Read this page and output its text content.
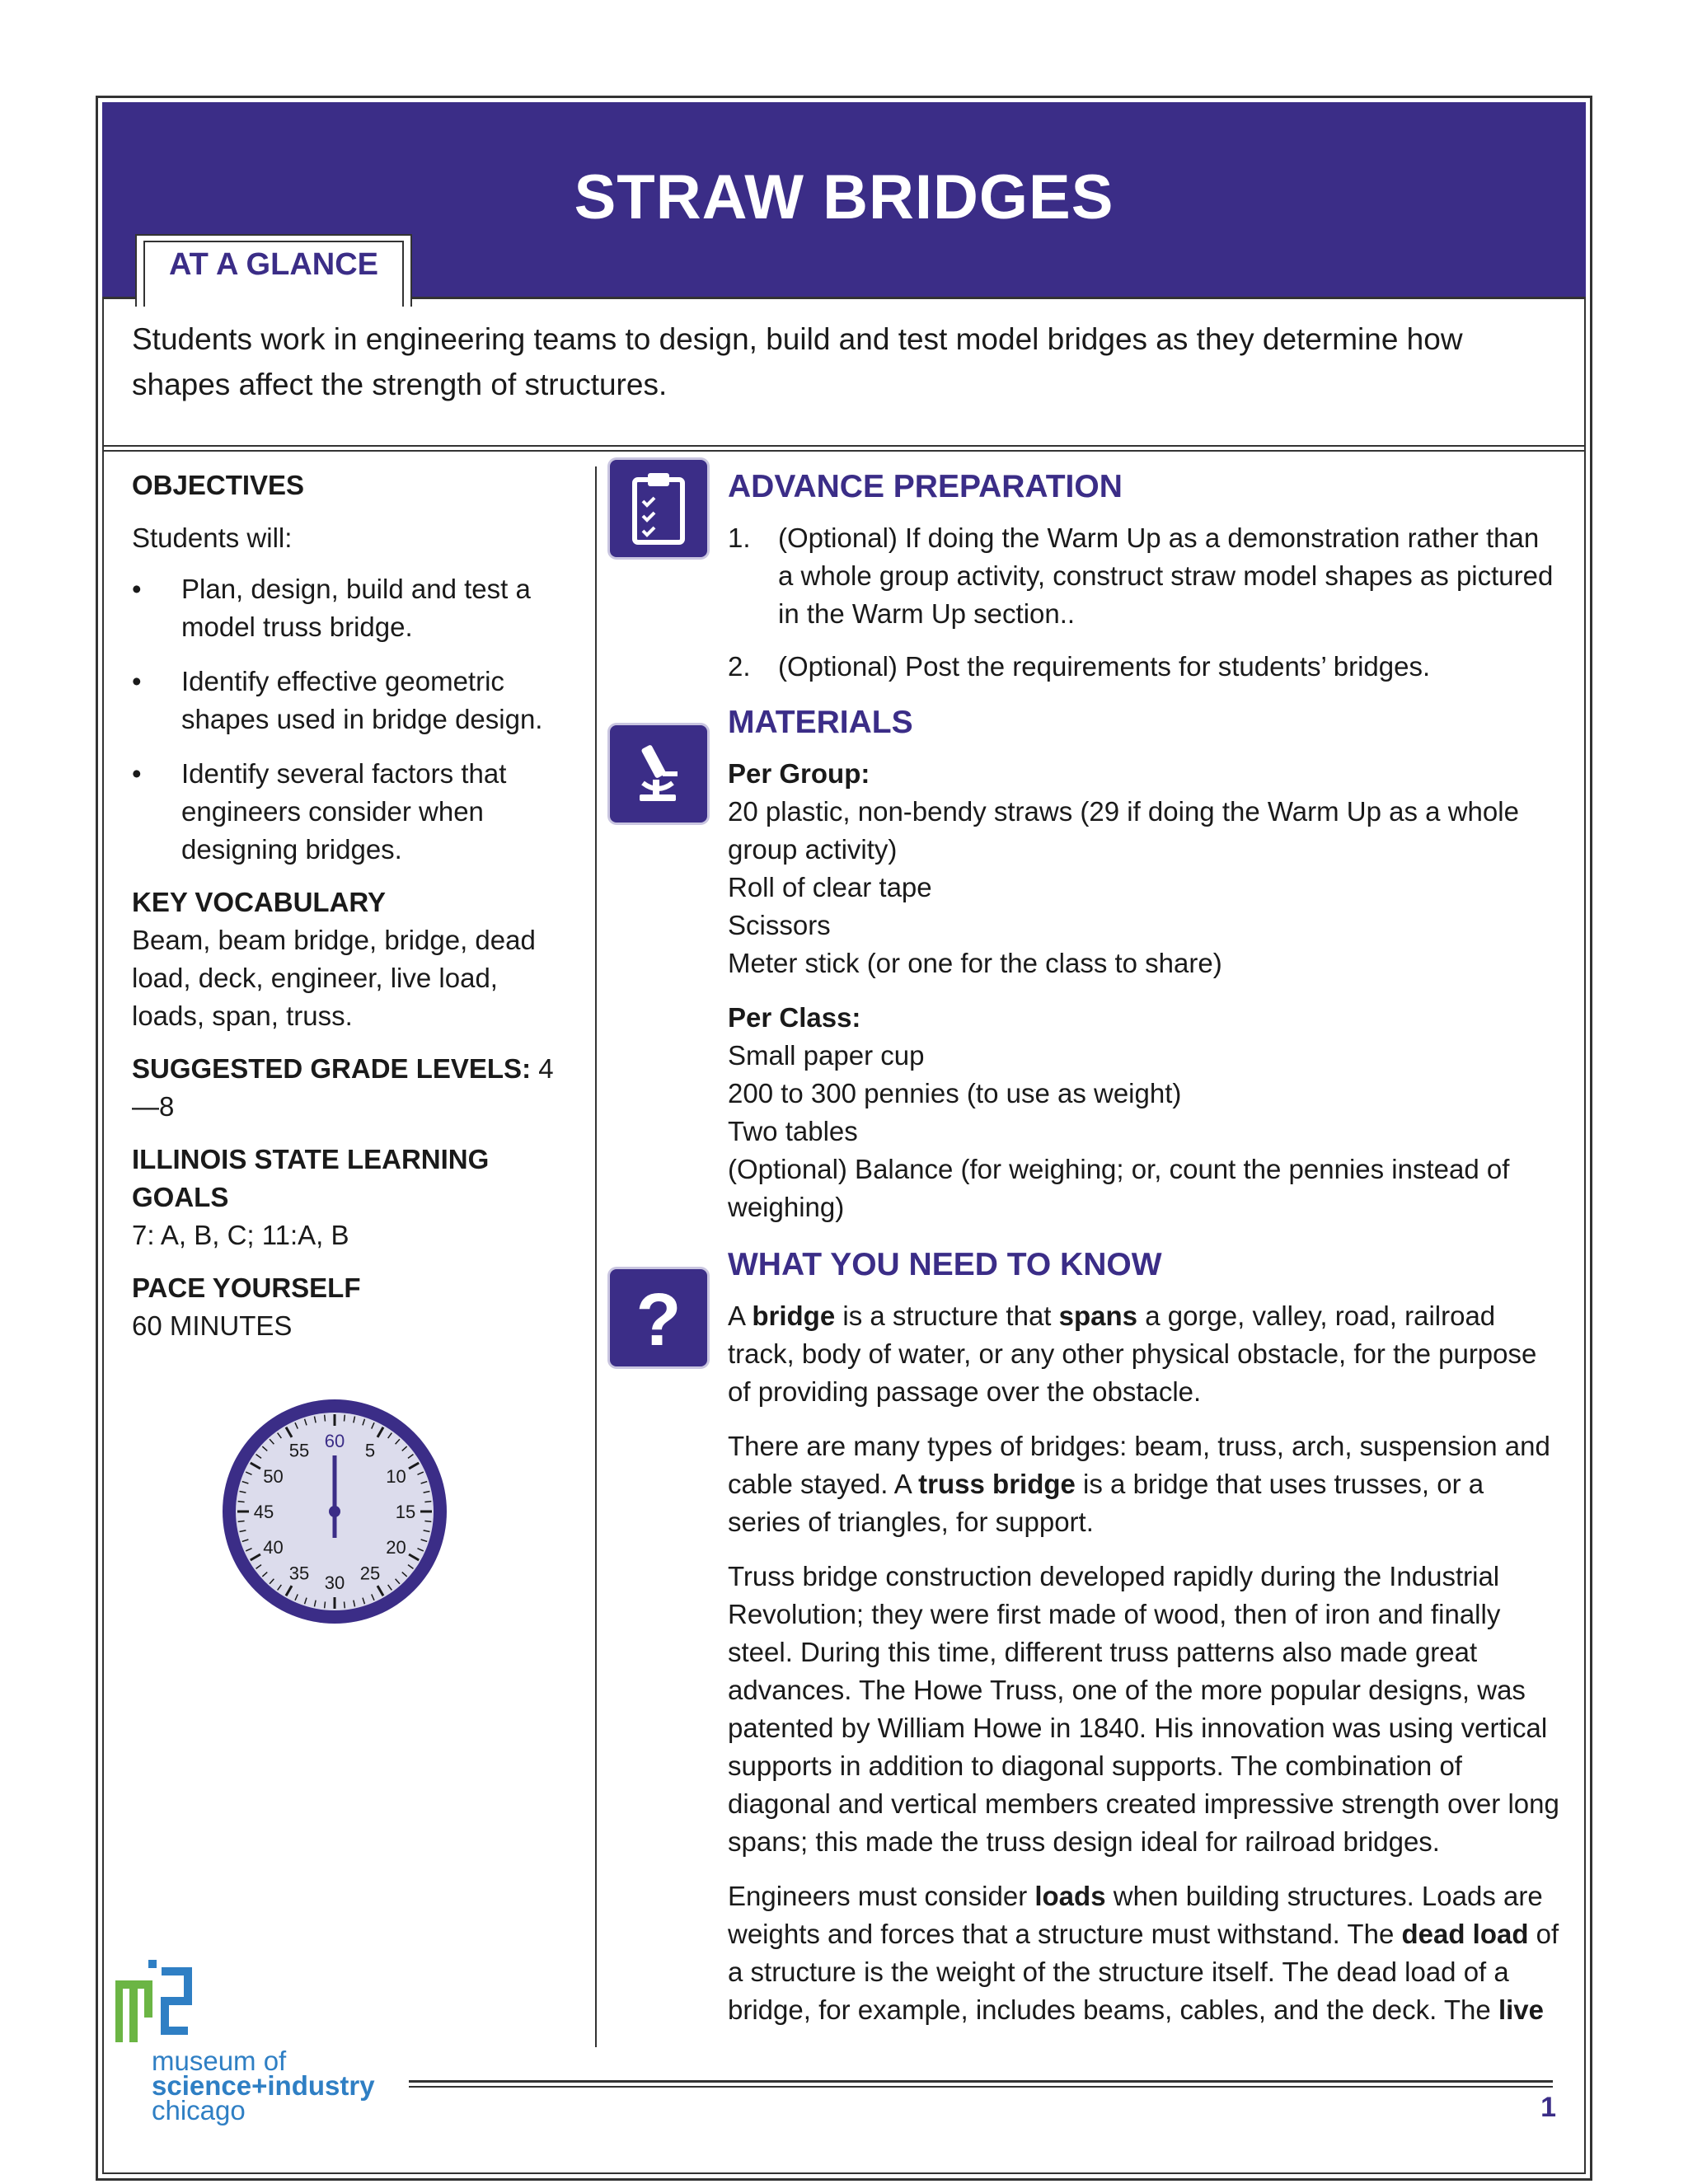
STRAW BRIDGES
AT A GLANCE
Students work in engineering teams to design, build and test model bridges as they determine how shapes affect the strength of structures.

OBJECTIVES

Students will:

• Plan, design, build and test a model truss bridge.
• Identify effective geometric shapes used in bridge design.
• Identify several factors that engineers consider when designing bridges.

KEY VOCABULARY

Beam, beam bridge, bridge, dead load, deck, engineer, live load, loads, span, truss.

SUGGESTED GRADE LEVELS: 4—8

ILLINOIS STATE LEARNING GOALS

7: A, B, C; 11:A, B

PACE YOURSELF

60 MINUTES

60 5
10
15
20
25
30
35
40
45
50
55
?
ADVANCE PREPARATION
1. (Optional) If doing the Warm Up as a demonstration rather than a whole group activity, construct straw model shapes as pictured in the Warm Up section..
2. (Optional) Post the requirements for students’ bridges.
MATERIALS
Per Group:
20 plastic, non-bendy straws (29 if doing the Warm Up as a whole group activity)
Roll of clear tape
Scissors
Meter stick (or one for the class to share)
Per Class:
Small paper cup
200 to 300 pennies (to use as weight)
Two tables
(Optional) Balance (for weighing; or, count the pennies instead of weighing)
WHAT YOU NEED TO KNOW

A bridge is a structure that spans a gorge, valley, road, railroad track, body of water, or any other physical obstacle, for the purpose of providing passage over the obstacle.

There are many types of bridges: beam, truss, arch, suspension and cable stayed. A truss bridge is a bridge that uses trusses, or a series of triangles, for support.

Truss bridge construction developed rapidly during the Industrial Revolution; they were first made of wood, then of iron and finally steel. During this time, different truss patterns also made great advances. The Howe Truss, one of the more popular designs, was patented by William Howe in 1840. His innovation was using vertical supports in addition to diagonal supports. The combination of diagonal and vertical members created impressive strength over long spans; this made the truss design ideal for railroad bridges.

Engineers must consider loads when building structures. Loads are weights and forces that a structure must withstand. The dead load of a structure is the weight of the structure itself. The dead load of a bridge, for example, includes beams, cables, and the deck. The live

museum of
science+industry
chicago	1
